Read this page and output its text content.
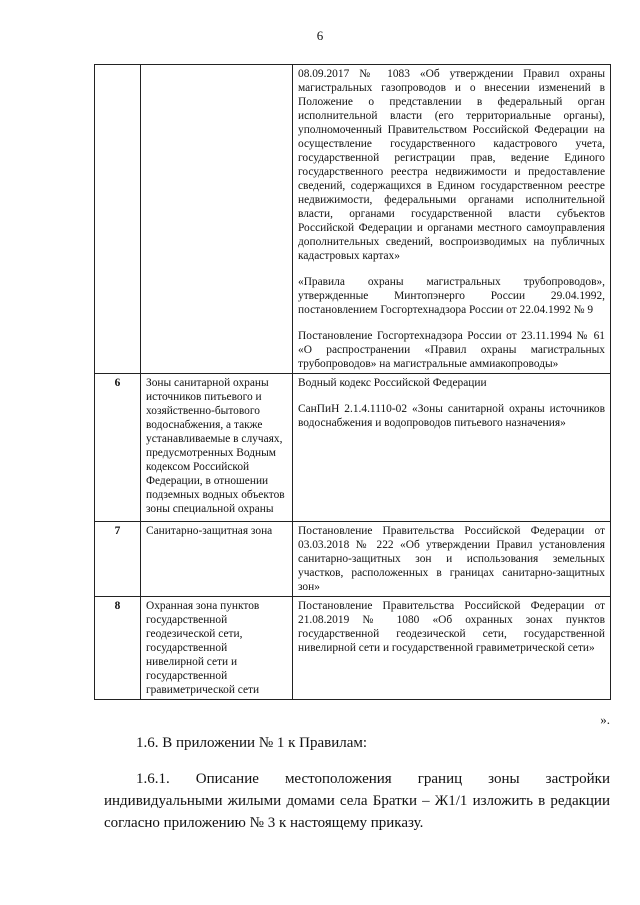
6

		08.09.2017 № 1083 «Об утверждении Правил охраны магистральных газопроводов и о внесении изменений в Положение о представлении в федеральный орган исполнительной власти (его территориальные органы), уполномоченный Правительством Российской Федерации на осуществление государственного кадастрового учета, государственной регистрации прав, ведение Единого государственного реестра недвижимости и предоставление сведений, содержащихся в Едином государственном реестре недвижимости, федеральными органами исполнительной власти, органами государственной власти субъектов Российской Федерации и органами местного самоуправления дополнительных сведений, воспроизводимых на публичных кадастровых картах»

«Правила охраны магистральных трубопроводов», утвержденные Минтопэнерго России 29.04.1992, постановлением Госгортехнадзора России от 22.04.1992 № 9

Постановление Госгортехнадзора России от 23.11.1994 № 61 «О распространении «Правил охраны магистральных трубопроводов» на магистральные аммиакопроводы»

6	Зоны санитарной охраны источников питьевого и хозяйственно-бытового водоснабжения, а также устанавливаемые в случаях, предусмотренных Водным кодексом Российской Федерации, в отношении подземных водных объектов зоны специальной охраны	Водный кодекс Российской Федерации

СанПиН 2.1.4.1110-02 «Зоны санитарной охраны источников водоснабжения и водопроводов питьевого назначения»

7	Санитарно-защитная зона	Постановление Правительства Российской Федерации от 03.03.2018 № 222 «Об утверждении Правил установления санитарно-защитных зон и использования земельных участков, расположенных в границах санитарно-защитных зон»

8	Охранная зона пунктов государственной геодезической сети, государственной нивелирной сети и государственной гравиметрической сети	Постановление Правительства Российской Федерации от 21.08.2019 № 1080 «Об охранных зонах пунктов государственной геодезической сети, государственной нивелирной сети и государственной гравиметрической сети»

».
1.6. В приложении № 1 к Правилам:
1.6.1. Описание местоположения границ зоны застройки индивидуальными жилыми домами села Братки – Ж1/1 изложить в редакции согласно приложению № 3 к настоящему приказу.
